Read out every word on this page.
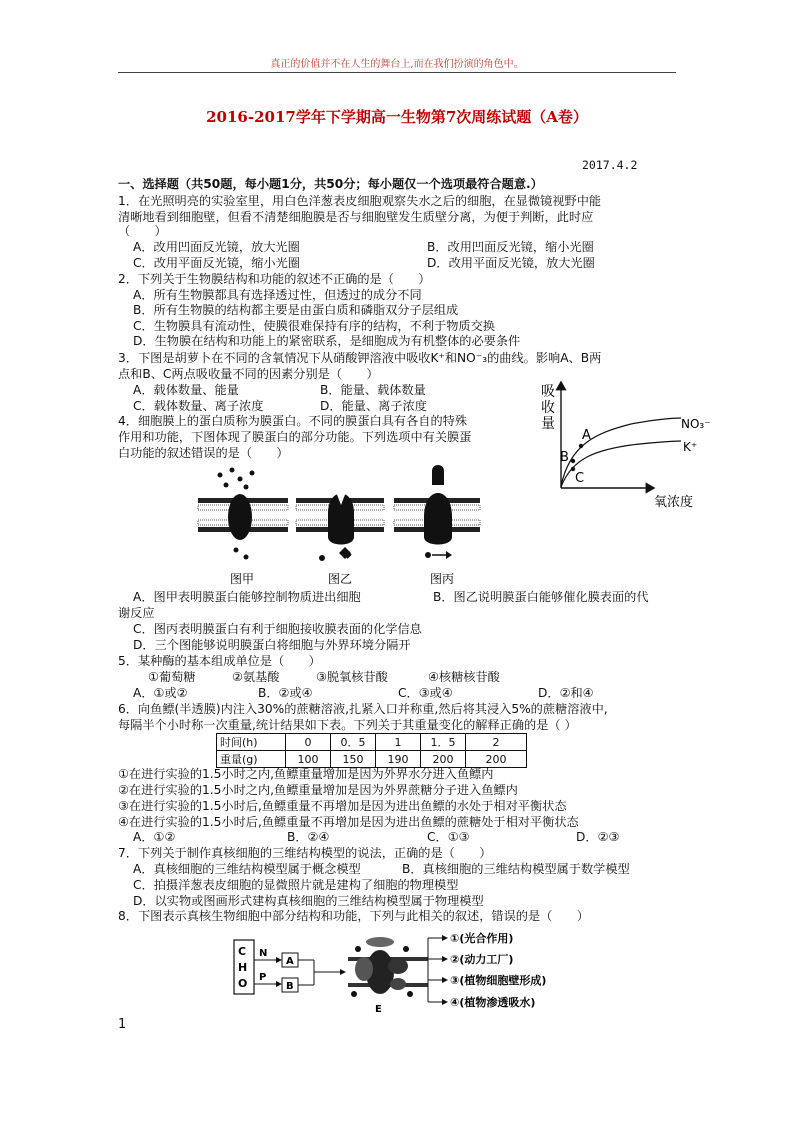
真正的价值并不在人生的舞台上,而在我们扮演的角色中。
2016-2017学年下学期高一生物第7次周练试题（A卷）
2017.4.2
一、选择题（共50题，每小题1分，共50分；每小题仅一个选项最符合题意.）
1．在光照明亮的实验室里，用白色洋葱表皮细胞观察失水之后的细胞，在显微镜视野中能
清晰地看到细胞壁，但看不清楚细胞膜是否与细胞壁发生质壁分离，为便于判断，此时应
（　　）
A．改用凹面反光镜，放大光圈	B．改用凹面反光镜，缩小光圈
C．改用平面反光镜，缩小光圈	D．改用平面反光镜，放大光圈
2．下列关于生物膜结构和功能的叙述不正确的是（　　）
A．所有生物膜都具有选择透过性，但透过的成分不同
B．所有生物膜的结构都主要是由蛋白质和磷脂双分子层组成
C．生物膜具有流动性，使膜很难保持有序的结构，不利于物质交换
D．生物膜在结构和功能上的紧密联系，是细胞成为有机整体的必要条件
3．下图是胡萝卜在不同的含氧情况下从硝酸钾溶液中吸收K⁺和NO⁻₃的曲线。影响A、B两
点和B、C两点吸收量不同的因素分别是（　　）
A．载体数量、能量	B．能量、载体数量
C．载体数量、离子浓度	D．能量、离子浓度
吸
收
量
A
B
C
NO₃⁻
K⁺
氧浓度
4．细胞膜上的蛋白质称为膜蛋白。不同的膜蛋白具有各自的特殊
作用和功能，下图体现了膜蛋白的部分功能。下列选项中有关膜蛋
白功能的叙述错误的是（　　）
图甲	图乙	图丙
A．图甲表明膜蛋白能够控制物质进出细胞	B．图乙说明膜蛋白能够催化膜表面的代
谢反应
C．图丙表明膜蛋白有利于细胞接收膜表面的化学信息
D．三个图能够说明膜蛋白将细胞与外界环境分隔开
5．某种酶的基本组成单位是（　　）
①葡萄糖	②氨基酸	③脱氧核苷酸	④核糖核苷酸
A．①或②	B．②或④	C．③或④	D．②和④
6．向鱼鳔(半透膜)内注入30%的蔗糖溶液,扎紧入口并称重,然后将其浸入5%的蔗糖溶液中,
每隔半个小时称一次重量,统计结果如下表。下列关于其重量变化的解释正确的是（ ）
时间(h)	0	0．5	1	1．5	2
重量(g)	100	150	190	200	200
①在进行实验的1.5小时之内,鱼鳔重量增加是因为外界水分进入鱼鳔内
②在进行实验的1.5小时之内,鱼鳔重量增加是因为外界蔗糖分子进入鱼鳔内
③在进行实验的1.5小时后,鱼鳔重量不再增加是因为进出鱼鳔的水处于相对平衡状态
④在进行实验的1.5小时后,鱼鳔重量不再增加是因为进出鱼鳔的蔗糖处于相对平衡状态
A．①②	B．②④	C．①③	D．②③
7．下列关于制作真核细胞的三维结构模型的说法，正确的是（　　）
A．真核细胞的三维结构模型属于概念模型	B．真核细胞的三维结构模型属于数学模型
C．拍摄洋葱表皮细胞的显微照片就是建构了细胞的物理模型
D．以实物或图画形式建构真核细胞的三维结构模型属于物理模型
8．下图表示真核生物细胞中部分结构和功能，下列与此相关的叙述，错误的是（　　）
C
H
O
N
P
A
B
E
①(光合作用)
②(动力工厂)
③(植物细胞壁形成)
④(植物渗透吸水)
1
